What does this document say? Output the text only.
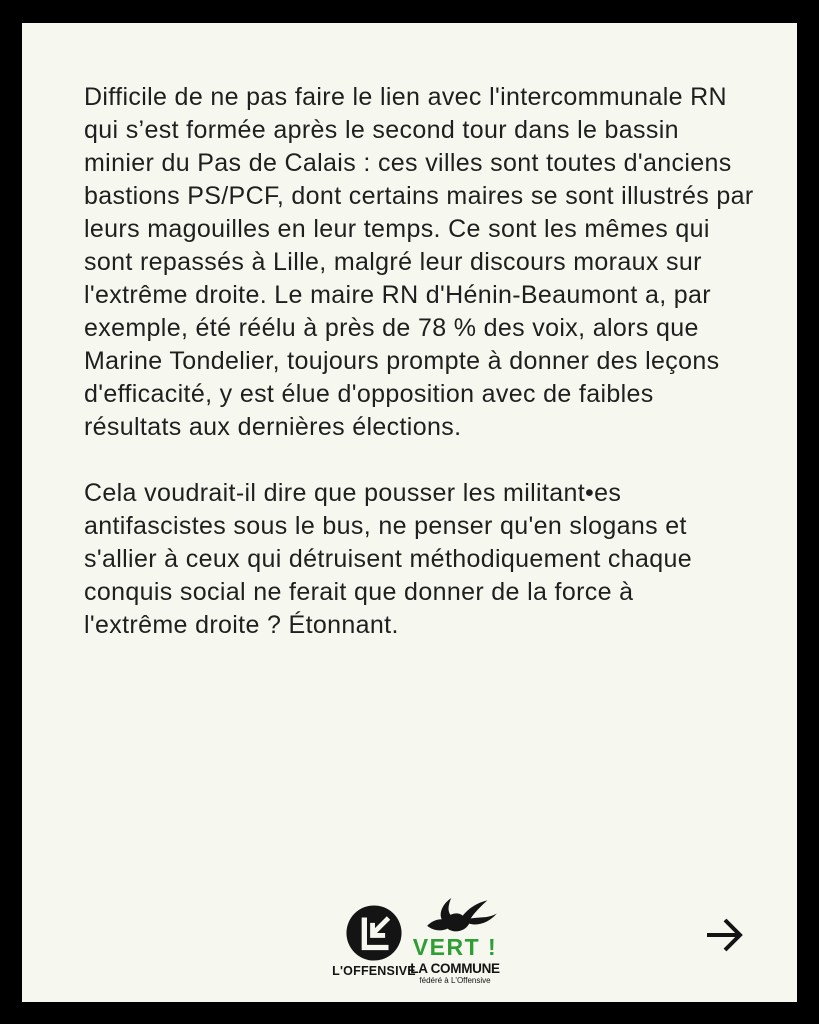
Difficile de ne pas faire le lien avec l'intercommunale RN
qui s’est formée après le second tour dans le bassin
minier du Pas de Calais : ces villes sont toutes d'anciens
bastions PS/PCF, dont certains maires se sont illustrés par
leurs magouilles en leur temps. Ce sont les mêmes qui
sont repassés à Lille, malgré leur discours moraux sur
l'extrême droite. Le maire RN d'Hénin-Beaumont a, par
exemple, été réélu à près de 78 % des voix, alors que
Marine Tondelier, toujours prompte à donner des leçons
d'efficacité, y est élue d'opposition avec de faibles
résultats aux dernières élections.
Cela voudrait-il dire que pousser les militant•es
antifascistes sous le bus, ne penser qu'en slogans et
s'allier à ceux qui détruisent méthodiquement chaque
conquis social ne ferait que donner de la force à
l'extrême droite ? Étonnant.
L'OFFENSIVE
VERT !
LA COMMUNE
fédéré à L'Offensive
